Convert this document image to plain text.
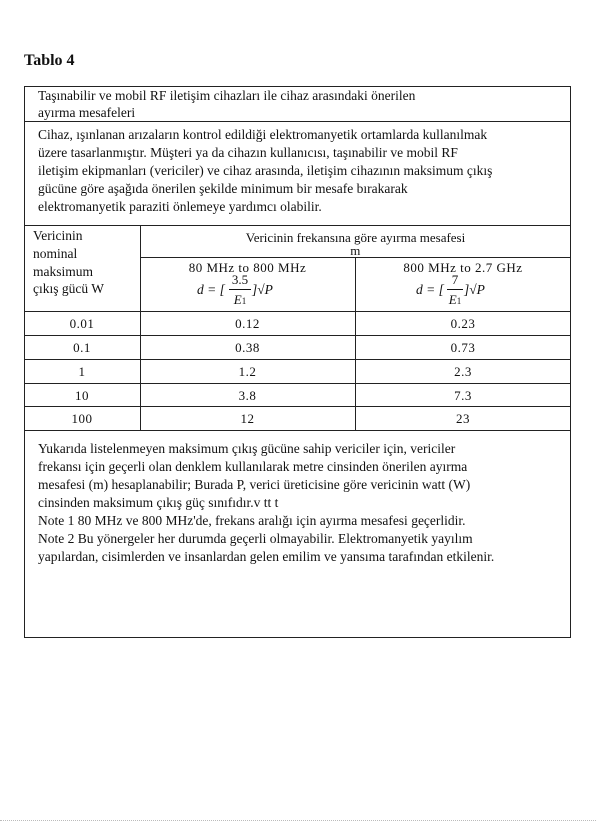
Tablo 4
Taşınabilir ve mobil RF iletişim cihazları ile cihaz arasındaki önerilen
ayırma mesafeleri
Cihaz, ışınlanan arızaların kontrol edildiği elektromanyetik ortamlarda kullanılmak
üzere tasarlanmıştır. Müşteri ya da cihazın kullanıcısı, taşınabilir ve mobil RF
iletişim ekipmanları (vericiler) ve cihaz arasında, iletişim cihazının maksimum çıkış
gücüne göre aşağıda önerilen şekilde minimum bir mesafe bırakarak
elektromanyetik paraziti önlemeye yardımcı olabilir.
Vericinin
nominal
maksimum
çıkış gücü W
Vericinin frekansına göre ayırma mesafesi
m
80 MHz to 800 MHz
d = [
3.5
E1
]√P
800 MHz to 2.7 GHz
d = [
7
E1
]√P
0.01	0.12	0.23
0.1	0.38	0.73
1	1.2	2.3
10	3.8	7.3
100	12	23
Yukarıda listelenmeyen maksimum çıkış gücüne sahip vericiler için, vericiler
frekansı için geçerli olan denklem kullanılarak metre cinsinden önerilen ayırma
mesafesi (m) hesaplanabilir; Burada P, verici üreticisine göre vericinin watt (W)
cinsinden maksimum çıkış güç sınıfıdır.v tt t
Note 1 80 MHz ve 800 MHz'de, frekans aralığı için ayırma mesafesi geçerlidir.
Note 2 Bu yönergeler her durumda geçerli olmayabilir. Elektromanyetik yayılım
yapılardan, cisimlerden ve insanlardan gelen emilim ve yansıma tarafından etkilenir.
